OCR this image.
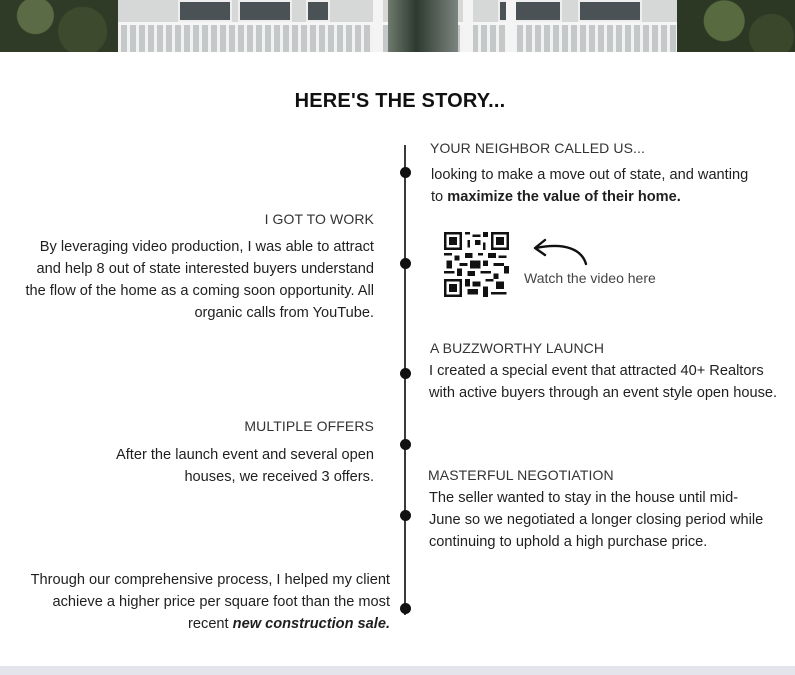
HERE'S THE STORY...
YOUR NEIGHBOR CALLED US...
looking to make a move out of state, and wanting to maximize the value of their home.
I GOT TO WORK
By leveraging video production, I was able to attract and help 8 out of state interested buyers understand the flow of the home as a coming soon opportunity. All organic calls from YouTube.
Watch the video here
A BUZZWORTHY LAUNCH
I created a special event that attracted 40+ Realtors with active buyers through an event style open house.
MULTIPLE OFFERS
After the launch event and several open houses, we received 3 offers.	MASTERFUL NEGOTIATION
The seller wanted to stay in the house until mid-June so we negotiated a longer closing period while continuing to uphold a high purchase price.
Through our comprehensive process, I helped my client achieve a higher price per square foot than the most recent new construction sale.
